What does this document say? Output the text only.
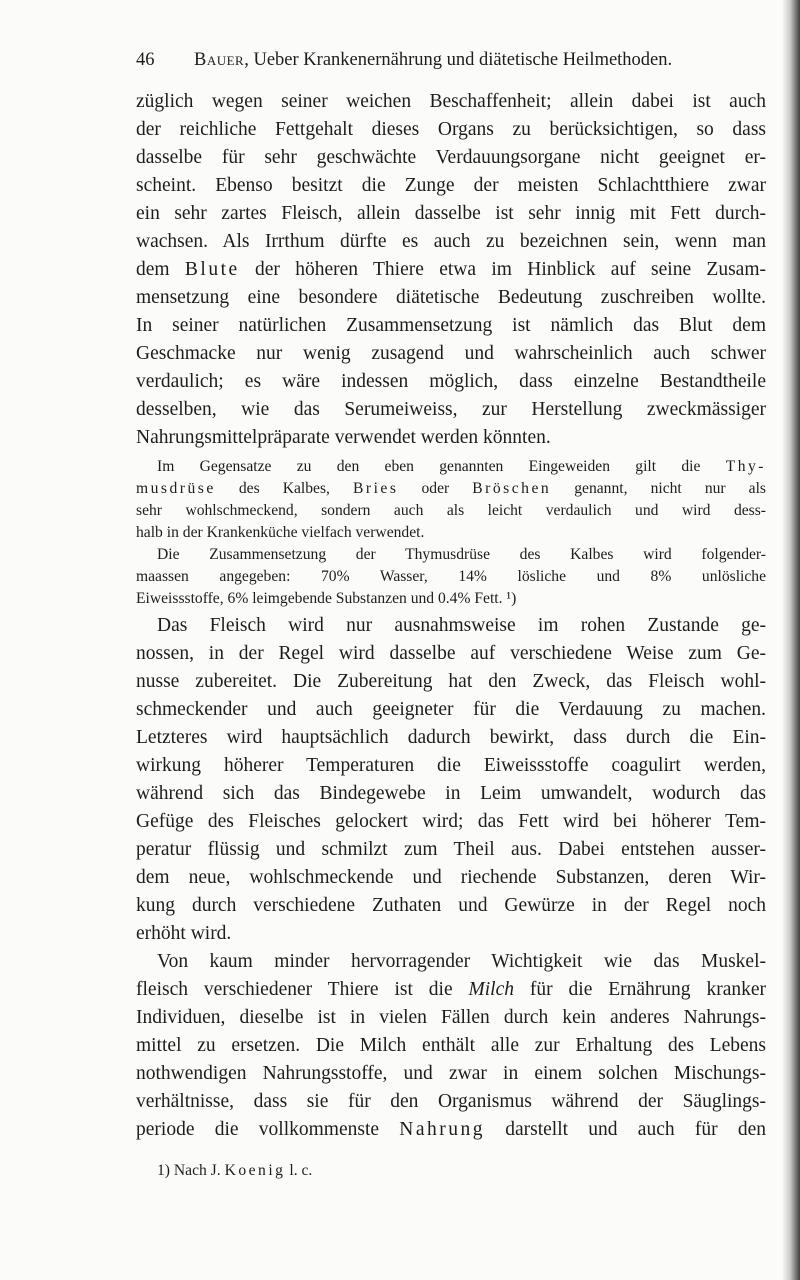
46 Bauer, Ueber Krankenernährung und diätetische Heilmethoden.
züglich wegen seiner weichen Beschaffenheit; allein dabei ist auch
der reichliche Fettgehalt dieses Organs zu berücksichtigen, so dass
dasselbe für sehr geschwächte Verdauungsorgane nicht geeignet er-
scheint. Ebenso besitzt die Zunge der meisten Schlachtthiere zwar
ein sehr zartes Fleisch, allein dasselbe ist sehr innig mit Fett durch-
wachsen. Als Irrthum dürfte es auch zu bezeichnen sein, wenn man
dem Blute der höheren Thiere etwa im Hinblick auf seine Zusam-
mensetzung eine besondere diätetische Bedeutung zuschreiben wollte.
In seiner natürlichen Zusammensetzung ist nämlich das Blut dem
Geschmacke nur wenig zusagend und wahrscheinlich auch schwer
verdaulich; es wäre indessen möglich, dass einzelne Bestandtheile
desselben, wie das Serumeiweiss, zur Herstellung zweckmässiger
Nahrungsmittelpräparate verwendet werden könnten.
Im Gegensatze zu den eben genannten Eingeweiden gilt die Thy-
musdrüse des Kalbes, Bries oder Bröschen genannt, nicht nur als
sehr wohlschmeckend, sondern auch als leicht verdaulich und wird dess-
halb in der Krankenküche vielfach verwendet.
Die Zusammensetzung der Thymusdrüse des Kalbes wird folgender-
maassen angegeben: 70% Wasser, 14% lösliche und 8% unlösliche
Eiweissstoffe, 6% leimgebende Substanzen und 0.4% Fett. ¹)
Das Fleisch wird nur ausnahmsweise im rohen Zustande ge-
nossen, in der Regel wird dasselbe auf verschiedene Weise zum Ge-
nusse zubereitet. Die Zubereitung hat den Zweck, das Fleisch wohl-
schmeckender und auch geeigneter für die Verdauung zu machen.
Letzteres wird hauptsächlich dadurch bewirkt, dass durch die Ein-
wirkung höherer Temperaturen die Eiweissstoffe coagulirt werden,
während sich das Bindegewebe in Leim umwandelt, wodurch das
Gefüge des Fleisches gelockert wird; das Fett wird bei höherer Tem-
peratur flüssig und schmilzt zum Theil aus. Dabei entstehen ausser-
dem neue, wohlschmeckende und riechende Substanzen, deren Wir-
kung durch verschiedene Zuthaten und Gewürze in der Regel noch
erhöht wird.
Von kaum minder hervorragender Wichtigkeit wie das Muskel-
fleisch verschiedener Thiere ist die Milch für die Ernährung kranker
Individuen, dieselbe ist in vielen Fällen durch kein anderes Nahrungs-
mittel zu ersetzen. Die Milch enthält alle zur Erhaltung des Lebens
nothwendigen Nahrungsstoffe, und zwar in einem solchen Mischungs-
verhältnisse, dass sie für den Organismus während der Säuglings-
periode die vollkommenste Nahrung darstellt und auch für den
1) Nach J. Koenig l. c.
